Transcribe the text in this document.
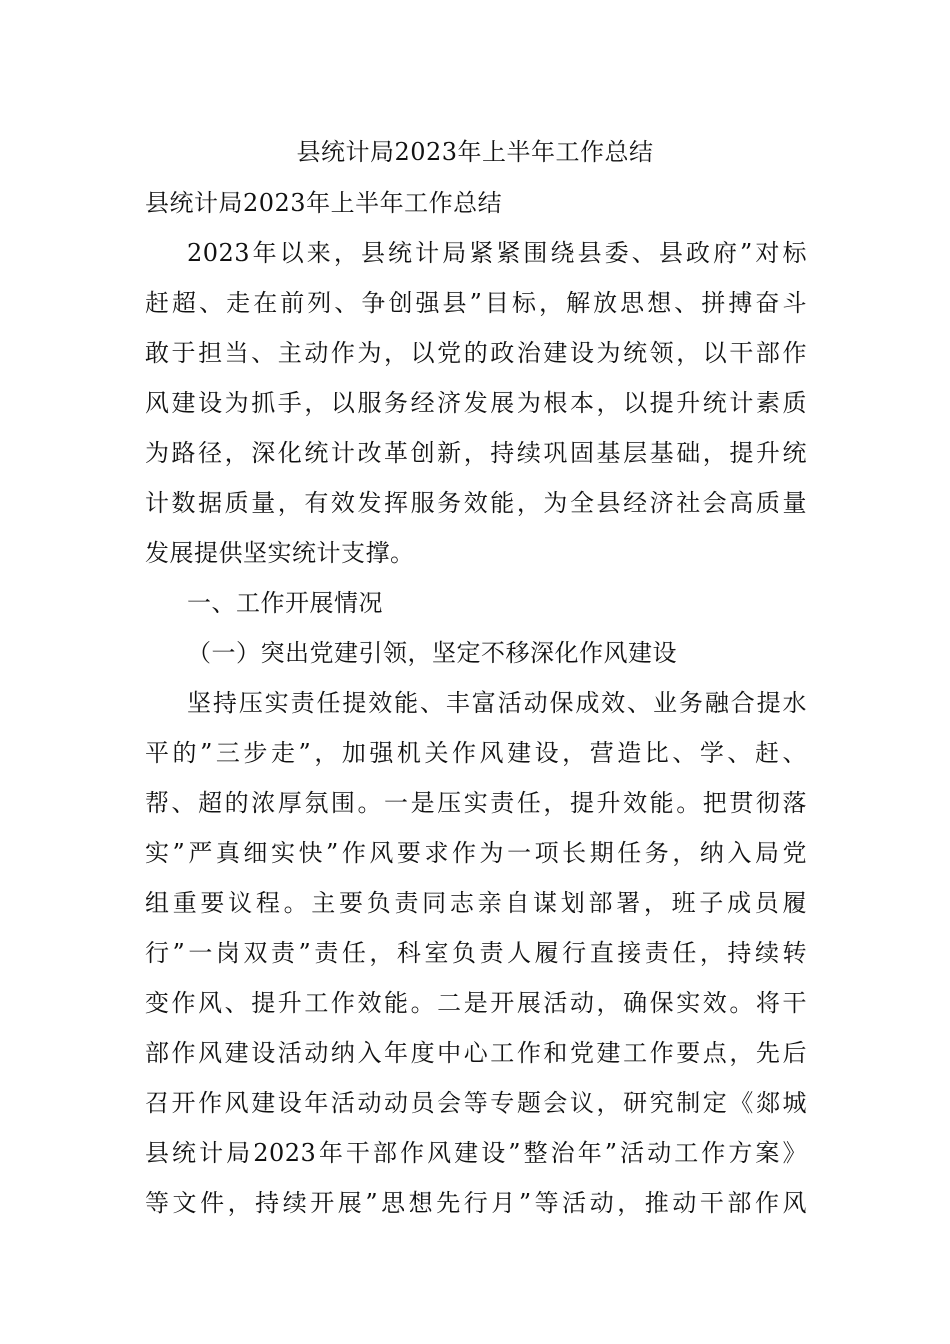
县统计局2023年上半年工作总结
县统计局2023年上半年工作总结
2023年以来，县统计局紧紧围绕县委、县政府”对标
赶超、走在前列、争创强县”目标，解放思想、拼搏奋斗
敢于担当、主动作为，以党的政治建设为统领，以干部作
风建设为抓手，以服务经济发展为根本，以提升统计素质
为路径，深化统计改革创新，持续巩固基层基础，提升统
计数据质量，有效发挥服务效能，为全县经济社会高质量
发展提供坚实统计支撑。
一、工作开展情况
（一）突出党建引领，坚定不移深化作风建设
坚持压实责任提效能、丰富活动保成效、业务融合提水
平的”三步走”，加强机关作风建设，营造比、学、赶、
帮、超的浓厚氛围。一是压实责任，提升效能。把贯彻落
实”严真细实快”作风要求作为一项长期任务，纳入局党
组重要议程。主要负责同志亲自谋划部署，班子成员履
行”一岗双责”责任，科室负责人履行直接责任，持续转
变作风、提升工作效能。二是开展活动，确保实效。将干
部作风建设活动纳入年度中心工作和党建工作要点，先后
召开作风建设年活动动员会等专题会议，研究制定《郯城
县统计局2023年干部作风建设”整治年”活动工作方案》
等文件，持续开展”思想先行月”等活动，推动干部作风
